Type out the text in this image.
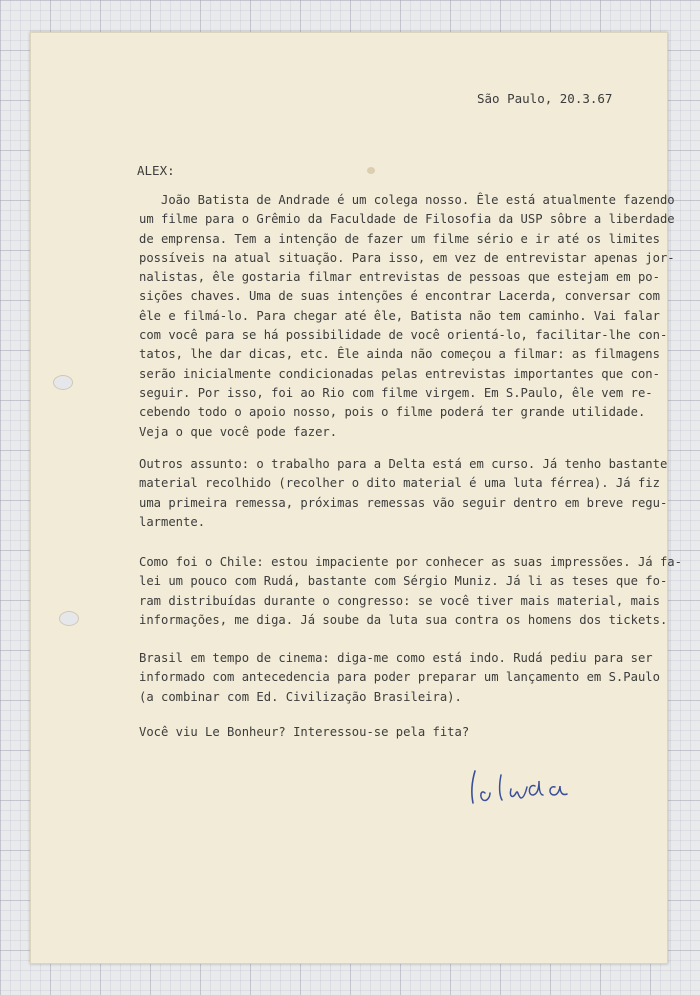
São Paulo, 20.3.67
ALEX:
João Batista de Andrade é um colega nosso. Êle está atualmente fazendo
um filme para o Grêmio da Faculdade de Filosofia da USP sôbre a liberdade
de emprensa. Tem a intenção de fazer um filme sério e ir até os limites
possíveis na atual situação. Para isso, em vez de entrevistar apenas jor-
nalistas, êle gostaria filmar entrevistas de pessoas que estejam em po-
sições chaves. Uma de suas intenções é encontrar Lacerda, conversar com
êle e filmá-lo. Para chegar até êle, Batista não tem caminho. Vai falar
com você para se há possibilidade de você orientá-lo, facilitar-lhe con-
tatos, lhe dar dicas, etc. Êle ainda não começou a filmar: as filmagens
serão inicialmente condicionadas pelas entrevistas importantes que con-
seguir. Por isso, foi ao Rio com filme virgem. Em S.Paulo, êle vem re-
cebendo todo o apoio nosso, pois o filme poderá ter grande utilidade.
Veja o que você pode fazer.
Outros assunto: o trabalho para a Delta está em curso. Já tenho bastante
material recolhido (recolher o dito material é uma luta férrea). Já fiz
uma primeira remessa, próximas remessas vão seguir dentro em breve regu-
larmente.
Como foi o Chile: estou impaciente por conhecer as suas impressões. Já fa-
lei um pouco com Rudá, bastante com Sérgio Muniz. Já li as teses que fo-
ram distribuídas durante o congresso: se você tiver mais material, mais
informações, me diga. Já soube da luta sua contra os homens dos tickets.
Brasil em tempo de cinema: diga-me como está indo. Rudá pediu para ser
informado com antecedencia para poder preparar um lançamento em S.Paulo
(a combinar com Ed. Civilização Brasileira).
Você viu Le Bonheur? Interessou-se pela fita?
